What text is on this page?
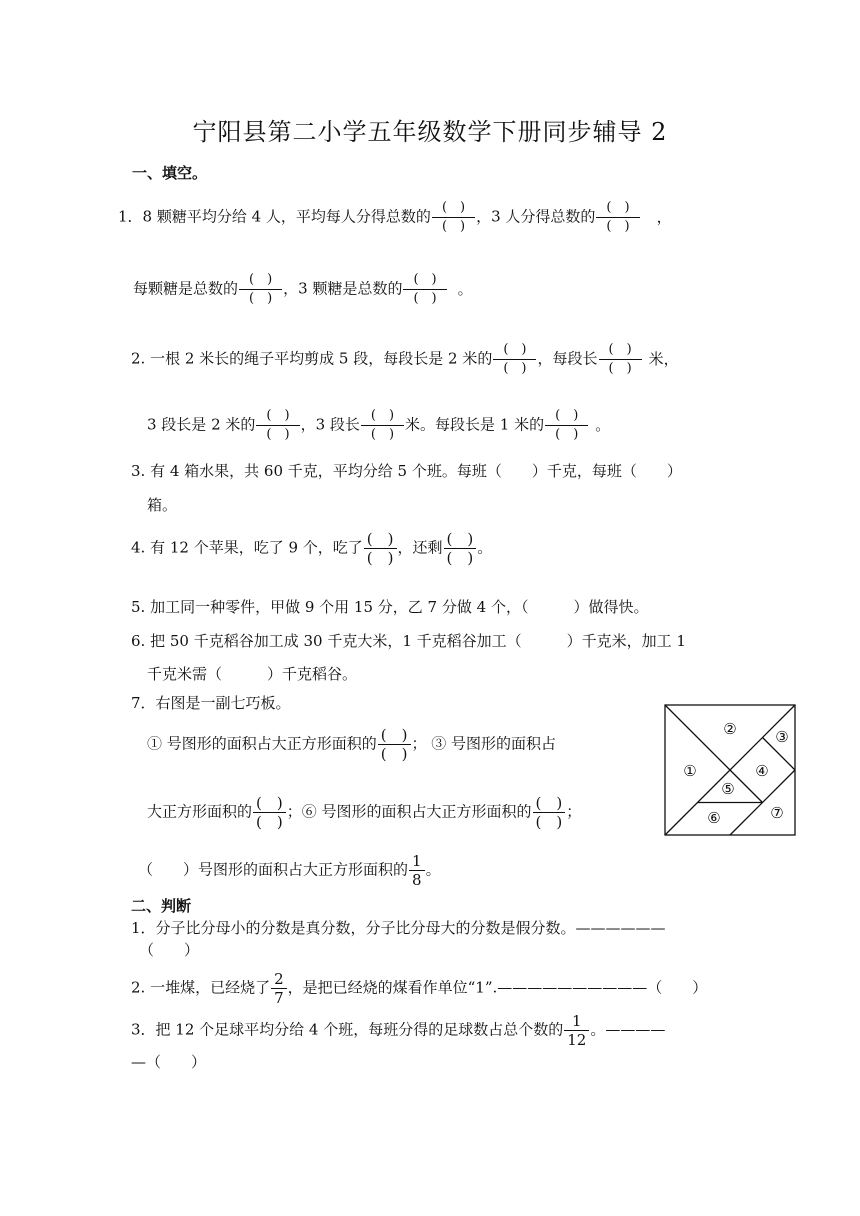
宁阳县第二小学五年级数学下册同步辅导 2
一、填空。
1．8 颗糖平均分给 4 人，平均每人分得总数的 $\frac{( )}{( )}$ ，3 人分得总数的 $\frac{( )}{( )}$ ，
每颗糖是总数的 $\frac{( )}{( )}$ ，3 颗糖是总数的 $\frac{( )}{( )}$ 。
2. 一根 2 米长的绳子平均剪成 5 段，每段长是 2 米的 $\frac{( )}{( )}$ ，每段长 $\frac{( )}{( )}$ 米，
3 段长是 2 米的 $\frac{( )}{( )}$ ，3 段长 $\frac{( )}{( )}$ 米。每段长是 1 米的 $\frac{( )}{( )}$ 。
3. 有 4 箱水果，共 60 千克，平均分给 5 个班。每班（　　）千克，每班（　　）
箱。
4. 有 12 个苹果，吃了 9 个，吃了 $\frac{( )}{( )}$ ，还剩 $\frac{( )}{( )}$ 。
5. 加工同一种零件，甲做 9 个用 15 分，乙 7 分做 4 个，（　　　）做得快。
6. 把 50 千克稻谷加工成 30 千克大米，1 千克稻谷加工（　　　）千克米，加工 1
千克米需（　　　）千克稻谷。
7．右图是一副七巧板。
① 号图形的面积占大正方形面积的 $\frac{( )}{( )}$ ； ③ 号图形的面积占
大正方形面积的 $\frac{( )}{( )}$ ；⑥ 号图形的面积占大正方形面积的 $\frac{( )}{( )}$ ；
（　　）号图形的面积占大正方形面积的 $\frac{1}{8}$ 。
①
②	③
④
⑤
⑥	⑦
二、判断
1．分子比分母小的分数是真分数，分子比分母大的分数是假分数。——————
（　　）
2. 一堆煤，已经烧了 $\frac{2}{7}$ ，是把已经烧的煤看作单位“1”.——————————（　　）
3．把 12 个足球平均分给 4 个班，每班分得的足球数占总个数的 $\frac{1}{12}$ 。————
—（　　）
